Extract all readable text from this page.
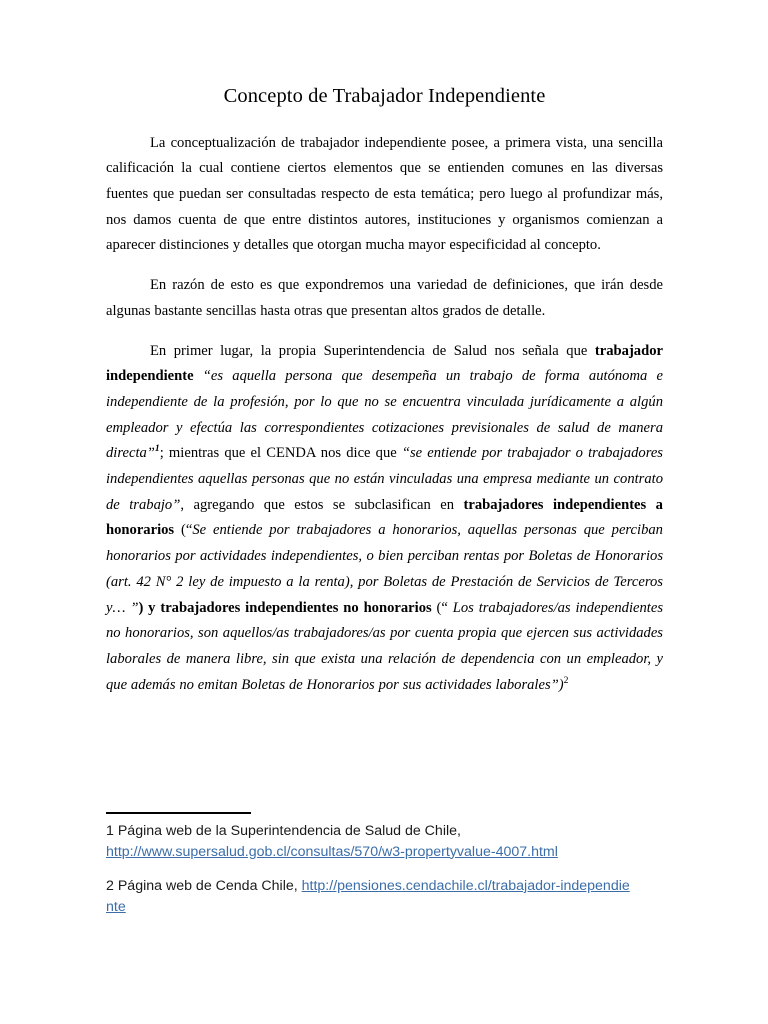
Concepto de Trabajador Independiente

La conceptualización de trabajador independiente posee, a primera vista, una sencilla calificación la cual contiene ciertos elementos que se entienden comunes en las diversas fuentes que puedan ser consultadas respecto de esta temática; pero luego al profundizar más, nos damos cuenta de que entre distintos autores, instituciones y organismos comienzan a aparecer distinciones y detalles que otorgan mucha mayor especificidad al concepto.

En razón de esto es que expondremos una variedad de definiciones, que irán desde algunas bastante sencillas hasta otras que presentan altos grados de detalle.

En primer lugar, la propia Superintendencia de Salud nos señala que trabajador independiente “es aquella persona que desempeña un trabajo de forma autónoma e independiente de la profesión, por lo que no se encuentra vinculada jurídicamente a algún empleador y efectúa las correspondientes cotizaciones previsionales de salud de manera directa”$^1$; mientras que el CENDA nos dice que “se entiende por trabajador o trabajadores independientes aquellas personas que no están vinculadas una empresa mediante un contrato de trabajo”, agregando que estos se subclasifican en trabajadores independientes a honorarios (“Se entiende por trabajadores a honorarios, aquellas personas que perciban honorarios por actividades independientes, o bien perciban rentas por Boletas de Honorarios (art. 42 N° 2 ley de impuesto a la renta), por Boletas de Prestación de Servicios de Terceros y… ”) y trabajadores independientes no honorarios (“ Los trabajadores/as independientes no honorarios, son aquellos/as trabajadores/as por cuenta propia que ejercen sus actividades laborales de manera libre, sin que exista una relación de dependencia con un empleador, y que además no emitan Boletas de Honorarios por sus actividades laborales”)$^2$

1 Página web de la Superintendencia de Salud de Chile,
http://www.supersalud.gob.cl/consultas/570/w3-propertyvalue-4007.html

2 Página web de Cenda Chile, http://pensiones.cendachile.cl/trabajador-independiente
